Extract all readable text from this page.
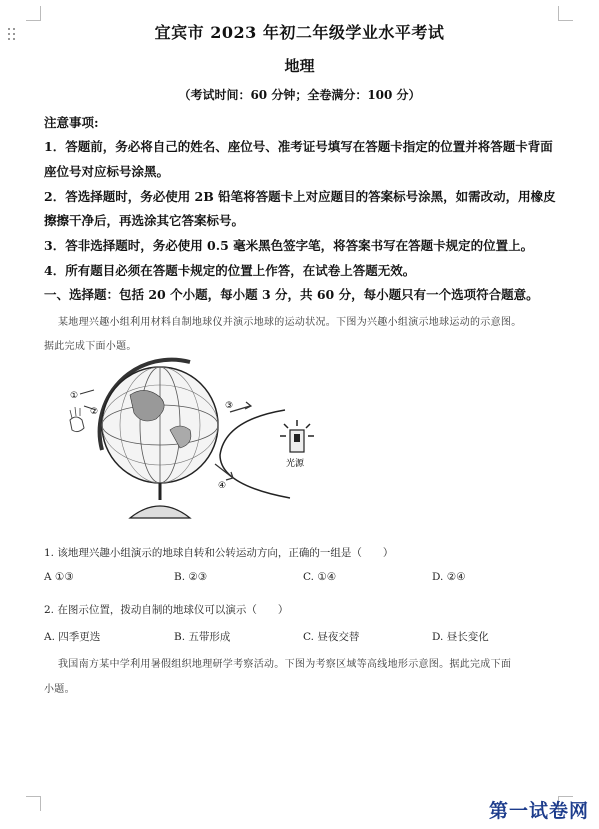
宜宾市 2023 年初二年级学业水平考试
地理
（考试时间：60 分钟；全卷满分：100 分）
注意事项:
1．答题前，务必将自己的姓名、座位号、准考证号填写在答题卡指定的位置并将答题卡背面
座位号对应标号涂黑。
2．答选择题时，务必使用 2B 铅笔将答题卡上对应题目的答案标号涂黑，如需改动，用橡皮
擦擦干净后，再选涂其它答案标号。
3．答非选择题时，务必使用 0.5 毫米黑色签字笔，将答案书写在答题卡规定的位置上。
4．所有题目必须在答题卡规定的位置上作答，在试卷上答题无效。
一、选择题：包括 20 个小题，每小题 3 分，共 60 分，每小题只有一个选项符合题意。
某地理兴趣小组利用材料自制地球仪并演示地球的运动状况。下图为兴趣小组演示地球运动的示意图。
据此完成下面小题。
①
②
③
④
光源
1. 该地理兴趣小组演示的地球自转和公转运动方向，正确的一组是（　　）
A ①③	B. ②③	C. ①④	D. ②④
2. 在图示位置，拨动自制的地球仪可以演示（　　）
A. 四季更迭	B. 五带形成	C. 昼夜交替	D. 昼长变化
我国南方某中学利用暑假组织地理研学考察活动。下图为考察区域等高线地形示意图。据此完成下面
小题。
第一试卷网
